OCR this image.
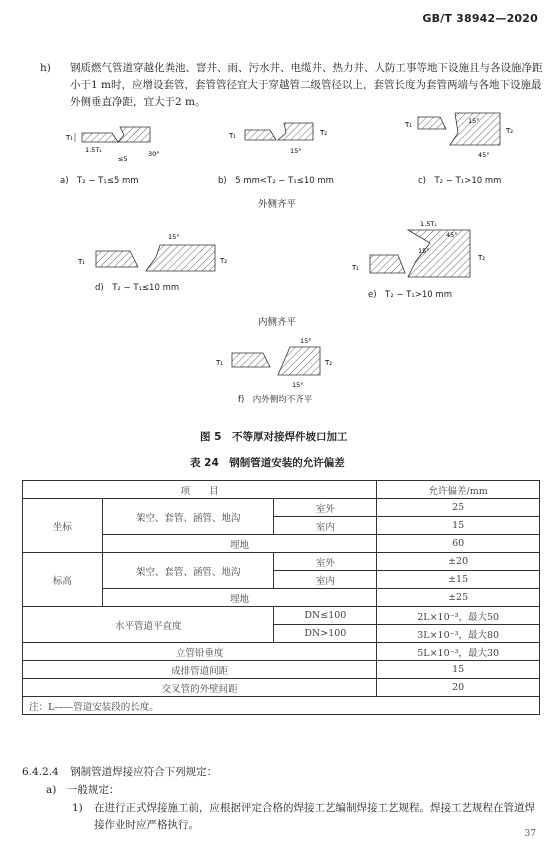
GB/T 38942—2020
h) 钢质燃气管道穿越化粪池、窨井、雨、污水井、电缆井、热力井、人防工事等地下设施且与各设施净距小于1 m时，应增设套管，套管管径宜大于穿越管二级管径以上，套管长度为套管两端与各地下设施最外侧垂直净距，宜大于2 m。
T₁
30°
1.5T₁
≤5
T₁	T₂
15°
T₁
T₂
15°
45°
T₁	T₂
15°
T₁
T₂
1.5T₁
45°
15°
T₁	T₂
15°
15°
a)　T₂ − T₁≤5 mm	b)　5 mm<T₂ − T₁≤10 mm	c)　T₂ − T₁>10 mm
外侧齐平
d)　T₂ − T₁≤10 mm
e)　T₂ − T₁>10 mm
内侧齐平
f)　内外侧均不齐平
图 5　不等厚对接焊件坡口加工
表 24　钢制管道安装的允许偏差
项　　目			允许偏差/mm
坐标	架空、套管、涵管、地沟	室外	25
		室内	15
	埋地		60
标高	架空、套管、涵管、地沟	室外	±20
		室内	±15
	埋地		±25
水平管道平直度		DN≤100	2L×10⁻³，最大50
		DN>100	3L×10⁻³，最大80
立管铅垂度			5L×10⁻³，最大30
成排管道间距			15
交叉管的外壁间距			20
注：L——管道安装段的长度。			
6.4.2.4 钢制管道焊接应符合下列规定：
a)　一般规定：
1) 在进行正式焊接施工前，应根据评定合格的焊接工艺编制焊接工艺规程。焊接工艺规程在管道焊接作业时应严格执行。
37
